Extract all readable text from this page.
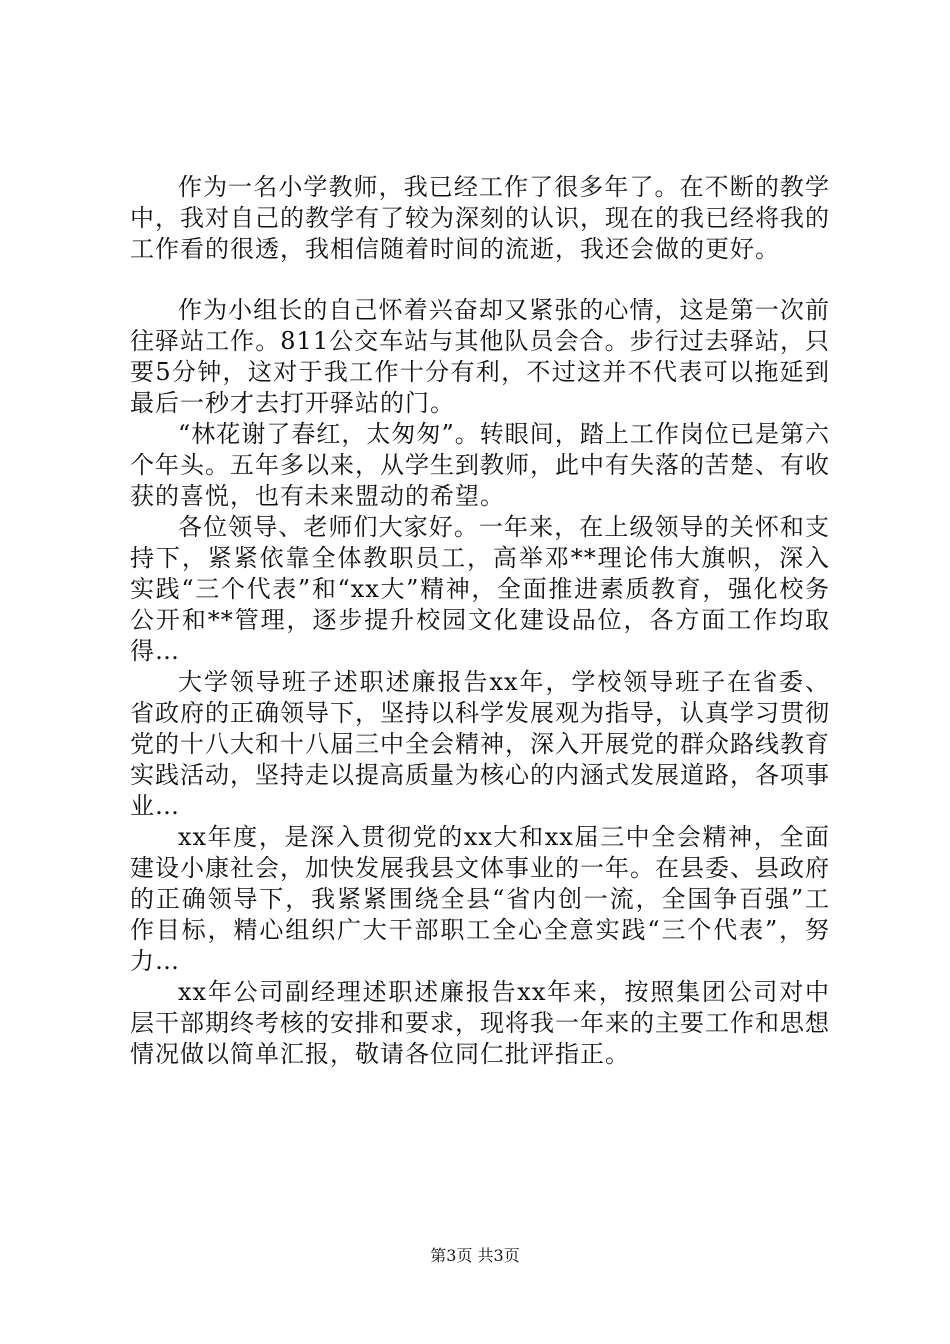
作为一名小学教师，我已经工作了很多年了。在不断的教学中，我对自己的教学有了较为深刻的认识，现在的我已经将我的工作看的很透，我相信随着时间的流逝，我还会做的更好。

作为小组长的自己怀着兴奋却又紧张的心情，这是第一次前往驿站工作。811公交车站与其他队员会合。步行过去驿站，只要5分钟，这对于我工作十分有利，不过这并不代表可以拖延到最后一秒才去打开驿站的门。

“林花谢了春红，太匆匆”。转眼间，踏上工作岗位已是第六个年头。五年多以来，从学生到教师，此中有失落的苦楚、有收获的喜悦，也有未来盟动的希望。

各位领导、老师们大家好。一年来，在上级领导的关怀和支持下，紧紧依靠全体教职员工，高举邓**理论伟大旗帜，深入实践“三个代表”和“xx大”精神，全面推进素质教育，强化校务公开和**管理，逐步提升校园文化建设品位，各方面工作均取得…

大学领导班子述职述廉报告xx年，学校领导班子在省委、省政府的正确领导下，坚持以科学发展观为指导，认真学习贯彻党的十八大和十八届三中全会精神，深入开展党的群众路线教育实践活动，坚持走以提高质量为核心的内涵式发展道路，各项事业…

xx年度，是深入贯彻党的xx大和xx届三中全会精神，全面建设小康社会，加快发展我县文体事业的一年。在县委、县政府的正确领导下，我紧紧围绕全县“省内创一流，全国争百强”工作目标，精心组织广大干部职工全心全意实践“三个代表”，努力…

xx年公司副经理述职述廉报告xx年来，按照集团公司对中层干部期终考核的安排和要求，现将我一年来的主要工作和思想情况做以简单汇报，敬请各位同仁批评指正。

第3页 共3页
